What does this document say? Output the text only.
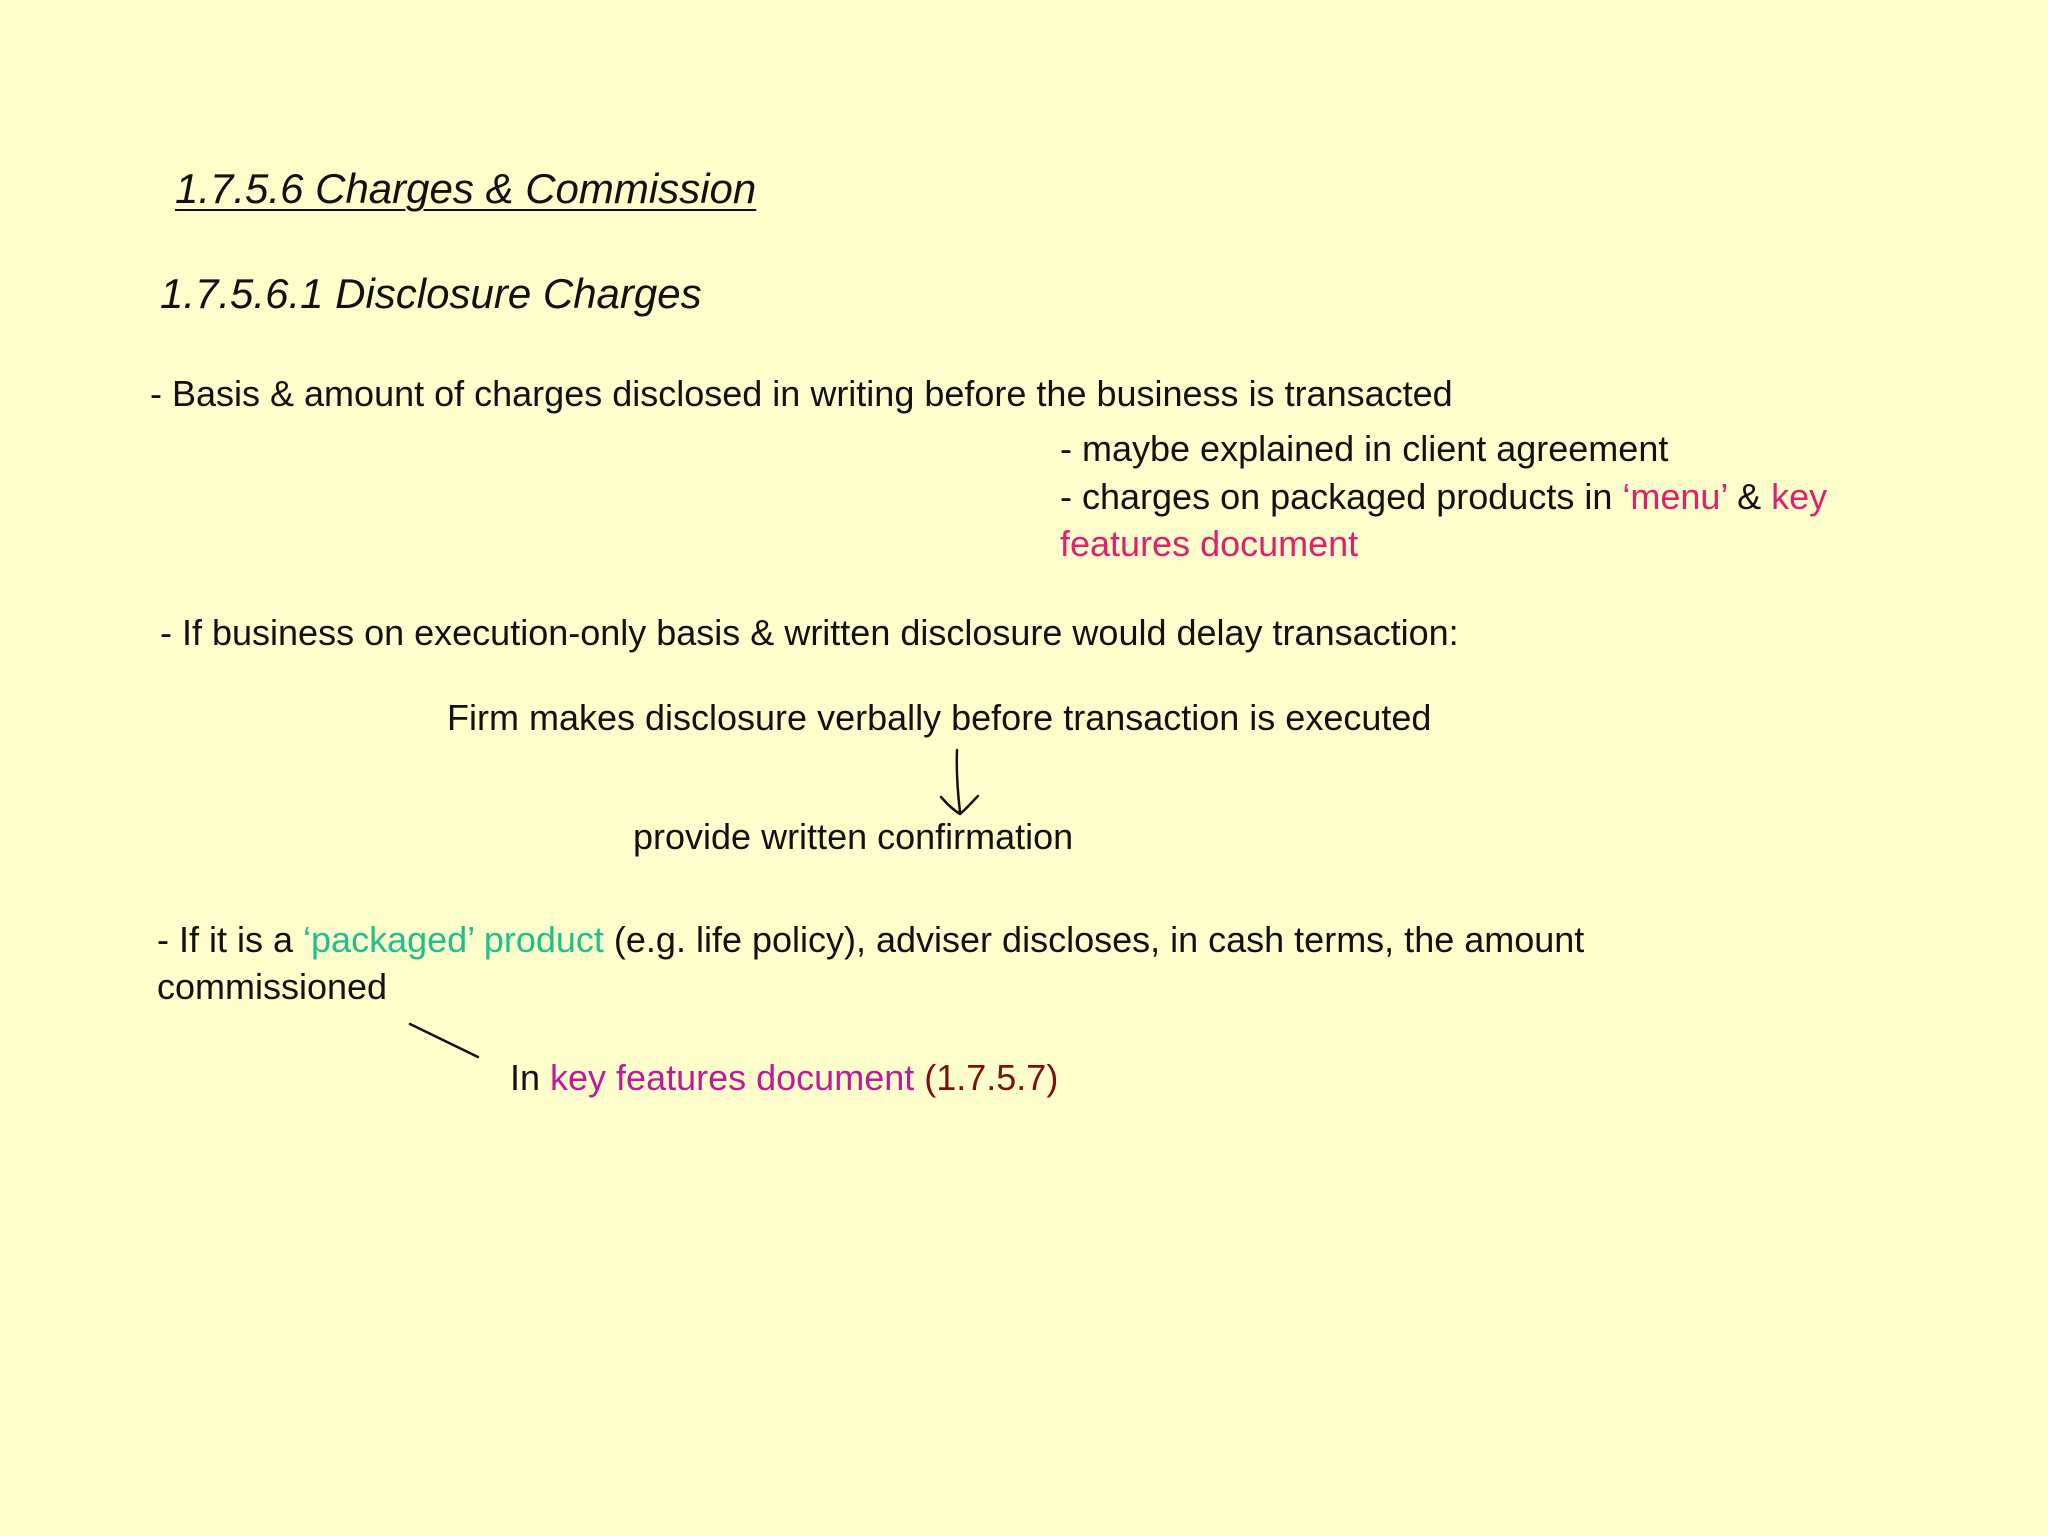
1.7.5.6 Charges & Commission
1.7.5.6.1 Disclosure Charges
- Basis & amount of charges disclosed in writing before the business is transacted
- maybe explained in client agreement
- charges on packaged products in ‘menu’ & key
features document
- If business on execution-only basis & written disclosure would delay transaction:
Firm makes disclosure verbally before transaction is executed
provide written confirmation
- If it is a ‘packaged’ product (e.g. life policy), adviser discloses, in cash terms, the amount
commissioned
In key features document (1.7.5.7)
